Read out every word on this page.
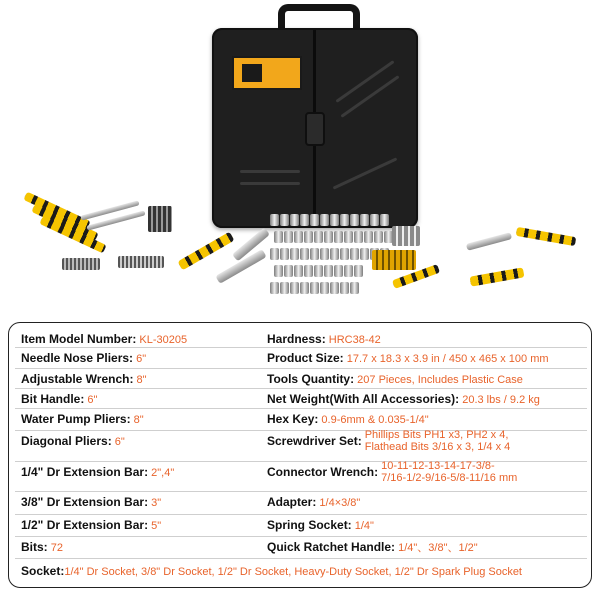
Item Model Number: KL-30205	Hardness: HRC38-42
Needle Nose Pliers: 6"	Product Size: 17.7 x 18.3 x 3.9 in / 450 x 465 x 100 mm
Adjustable Wrench: 8"	Tools Quantity: 207 Pieces, Includes Plastic Case
Bit Handle: 6"	Net Weight(With All Accessories): 20.3 lbs / 9.2 kg
Water Pump Pliers: 8"	Hex Key: 0.9-6mm & 0.035-1/4"
Diagonal Pliers: 6"	Screwdriver Set: Phillips Bits PH1 x3, PH2 x 4,
Flathead Bits 3/16 x 3, 1/4 x 4
1/4" Dr Extension Bar: 2",4"	Connector Wrench: 10-11-12-13-14-17-3/8-
7/16-1/2-9/16-5/8-11/16 mm
3/8" Dr Extension Bar: 3"	Adapter: 1/4×3/8"
1/2" Dr Extension Bar: 5"	Spring Socket: 1/4"
Bits: 72	Quick Ratchet Handle: 1/4"、3/8"、1/2"
Socket:1/4" Dr Socket, 3/8" Dr Socket, 1/2" Dr Socket, Heavy-Duty Socket, 1/2" Dr Spark Plug Socket
